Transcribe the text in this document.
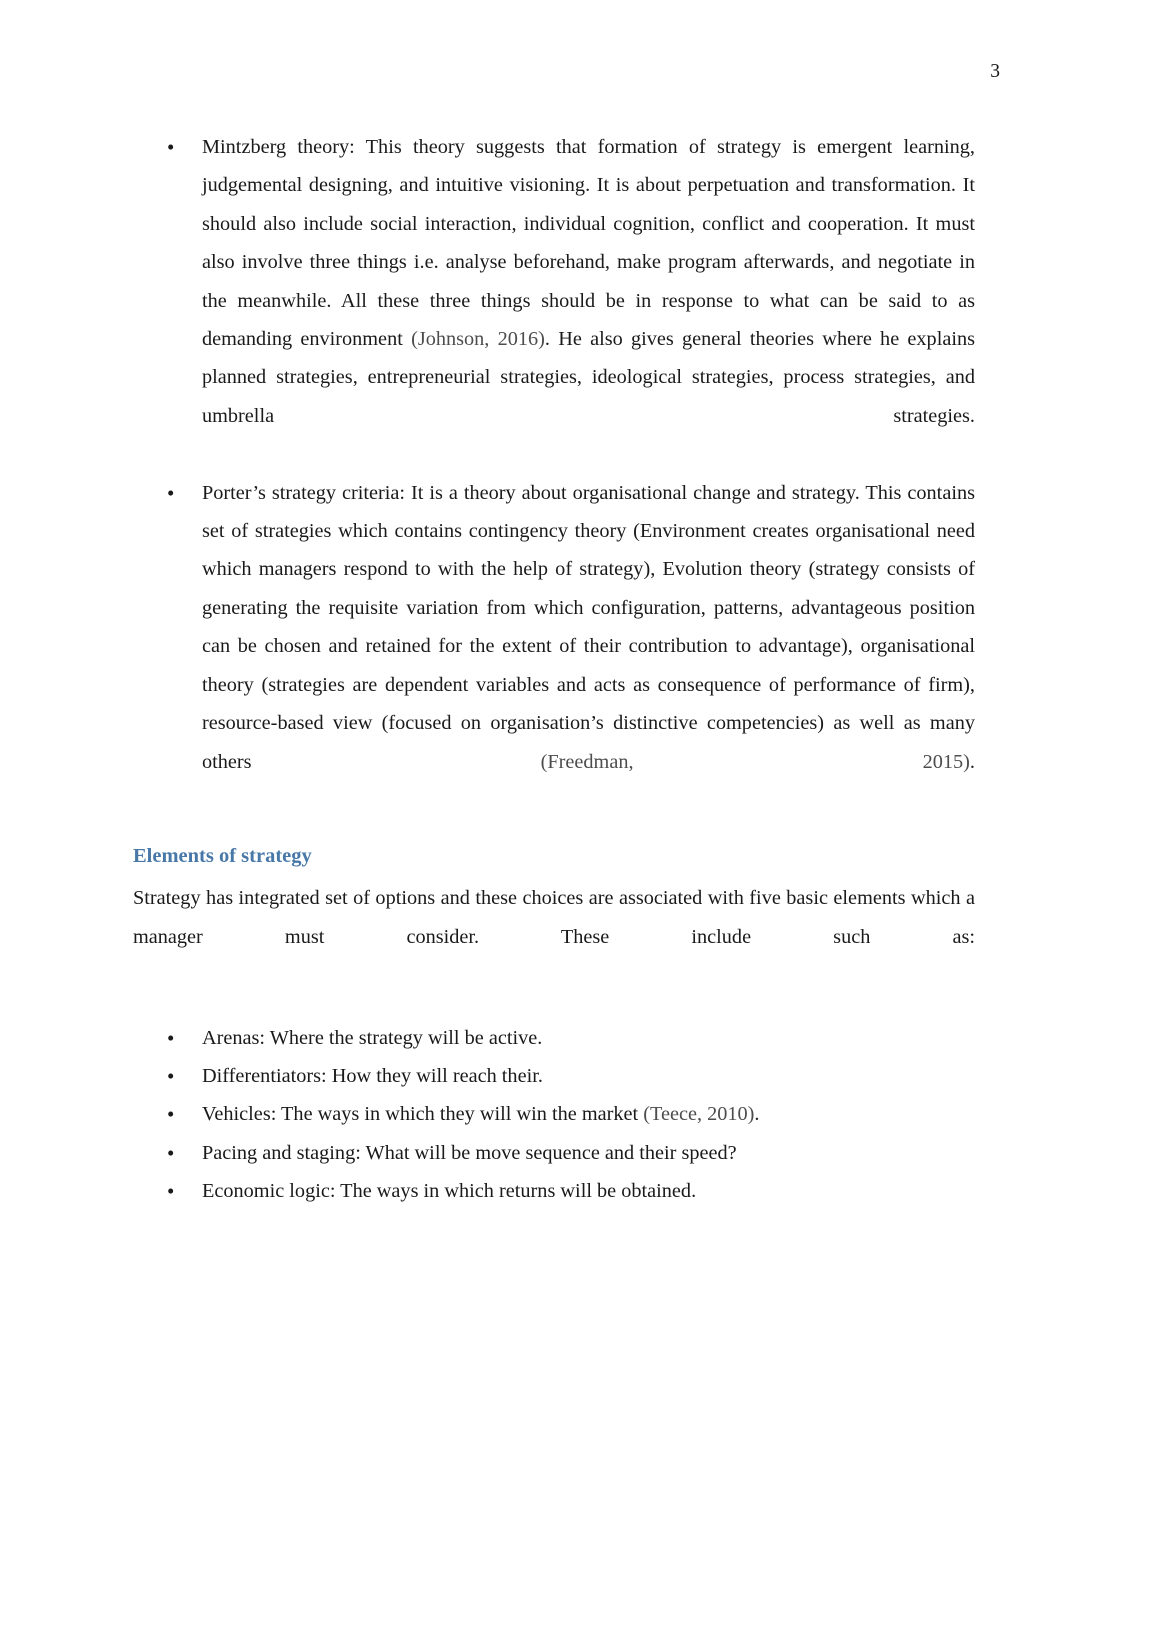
3
• Mintzberg theory: This theory suggests that formation of strategy is emergent learning, judgemental designing, and intuitive visioning. It is about perpetuation and transformation. It should also include social interaction, individual cognition, conflict and cooperation. It must also involve three things i.e. analyse beforehand, make program afterwards, and negotiate in the meanwhile. All these three things should be in response to what can be said to as demanding environment (Johnson, 2016). He also gives general theories where he explains planned strategies, entrepreneurial strategies, ideological strategies, process strategies, and umbrella strategies.

• Porter’s strategy criteria: It is a theory about organisational change and strategy. This contains set of strategies which contains contingency theory (Environment creates organisational need which managers respond to with the help of strategy), Evolution theory (strategy consists of generating the requisite variation from which configuration, patterns, advantageous position can be chosen and retained for the extent of their contribution to advantage), organisational theory (strategies are dependent variables and acts as consequence of performance of firm), resource-based view (focused on organisation’s distinctive competencies) as well as many others (Freedman, 2015).

Elements of strategy

Strategy has integrated set of options and these choices are associated with five basic elements which a manager must consider. These include such as:

• Arenas: Where the strategy will be active.
• Differentiators: How they will reach their.
• Vehicles: The ways in which they will win the market (Teece, 2010).
• Pacing and staging: What will be move sequence and their speed?
• Economic logic: The ways in which returns will be obtained.
